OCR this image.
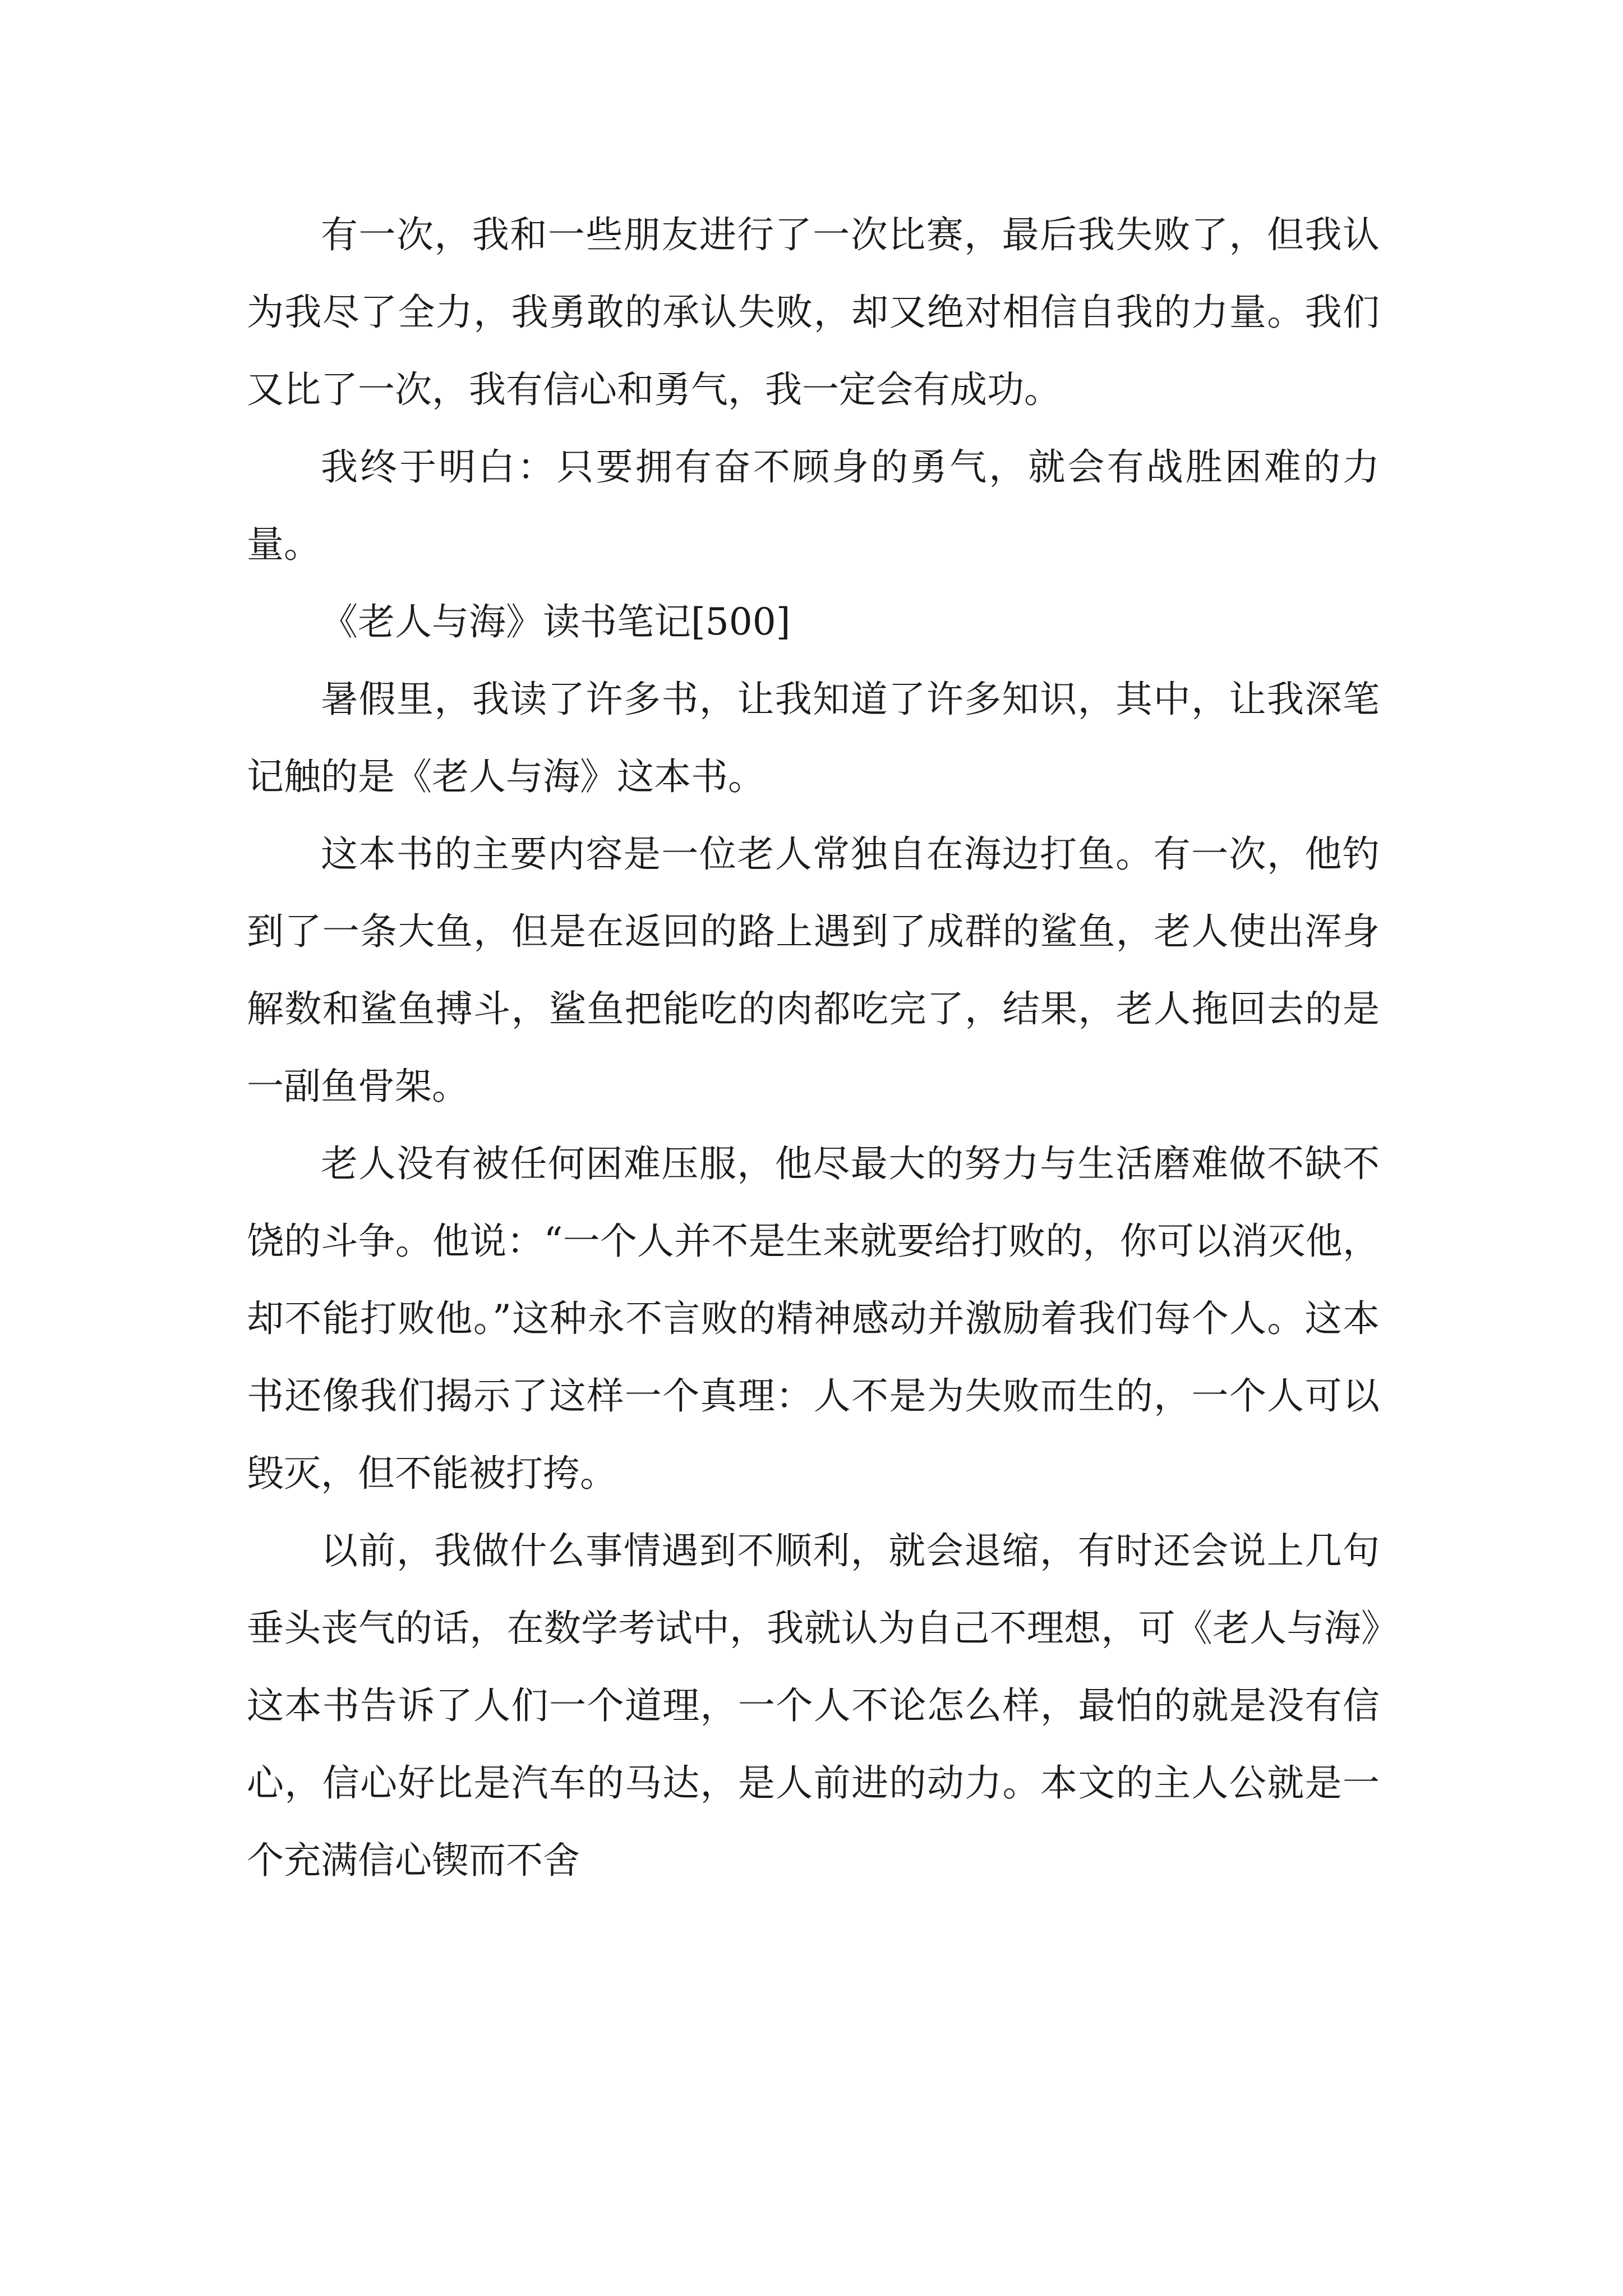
有一次，我和一些朋友进行了一次比赛，最后我失败了，但我认为我尽了全力，我勇敢的承认失败，却又绝对相信自我的力量。我们又比了一次，我有信心和勇气，我一定会有成功。

我终于明白：只要拥有奋不顾身的勇气，就会有战胜困难的力量。

《老人与海》读书笔记[500]

暑假里，我读了许多书，让我知道了许多知识，其中，让我深笔记触的是《老人与海》这本书。

这本书的主要内容是一位老人常独自在海边打鱼。有一次，他钓到了一条大鱼，但是在返回的路上遇到了成群的鲨鱼，老人使出浑身解数和鲨鱼搏斗，鲨鱼把能吃的肉都吃完了，结果，老人拖回去的是一副鱼骨架。

老人没有被任何困难压服，他尽最大的努力与生活磨难做不缺不饶的斗争。他说：“一个人并不是生来就要给打败的，你可以消灭他，却不能打败他。”这种永不言败的精神感动并激励着我们每个人。这本书还像我们揭示了这样一个真理：人不是为失败而生的，一个人可以毁灭，但不能被打挎。

以前，我做什么事情遇到不顺利，就会退缩，有时还会说上几句垂头丧气的话，在数学考试中，我就认为自己不理想，可《老人与海》这本书告诉了人们一个道理，一个人不论怎么样，最怕的就是没有信心，信心好比是汽车的马达，是人前进的动力。本文的主人公就是一个充满信心锲而不舍
